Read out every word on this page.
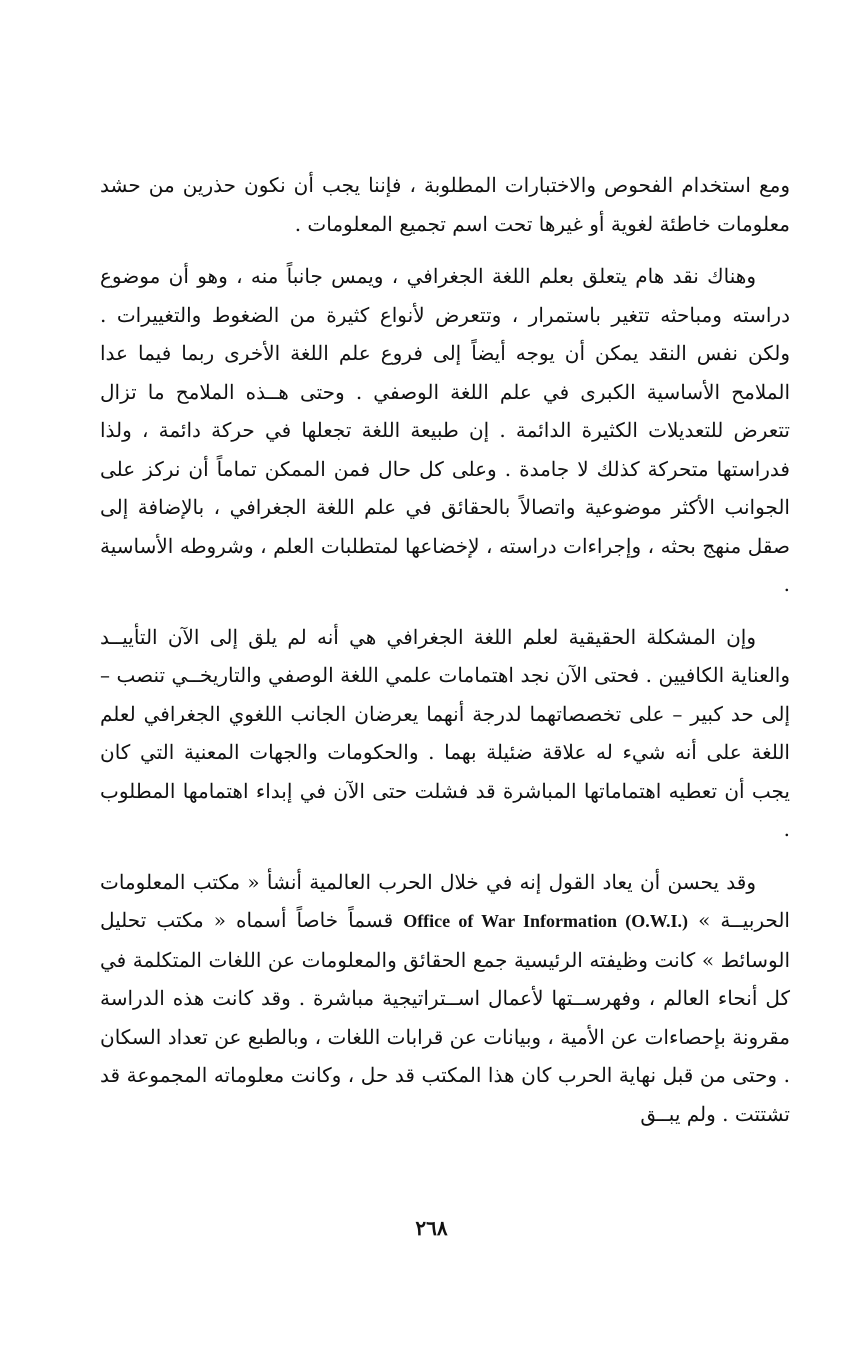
ومع استخدام الفحوص والاختبارات المطلوبة ، فإننا يجب أن نكون حذرين من حشد معلومات خاطئة لغوية أو غيرها تحت اسم تجميع المعلومات .

وهناك نقد هام يتعلق بعلم اللغة الجغرافي ، ويمس جانباً منه ، وهو أن موضوع دراسته ومباحثه تتغير باستمرار ، وتتعرض لأنواع كثيرة من الضغوط والتغييرات . ولكن نفس النقد يمكن أن يوجه أيضاً إلى فروع علم اللغة الأخرى ربما فيما عدا الملامح الأساسية الكبرى في علم اللغة الوصفي . وحتى هــذه الملامح ما تزال تتعرض للتعديلات الكثيرة الدائمة . إن طبيعة اللغة تجعلها في حركة دائمة ، ولذا فدراستها متحركة كذلك لا جامدة . وعلى كل حال فمن الممكن تماماً أن نركز على الجوانب الأكثر موضوعية واتصالاً بالحقائق في علم اللغة الجغرافي ، بالإضافة إلى صقل منهج بحثه ، وإجراءات دراسته ، لإخضاعها لمتطلبات العلم ، وشروطه الأساسية .

وإن المشكلة الحقيقية لعلم اللغة الجغرافي هي أنه لم يلق إلى الآن التأييــد والعناية الكافيين . فحتى الآن نجد اهتمامات علمي اللغة الوصفي والتاريخــي تنصب – إلى حد كبير – على تخصصاتهما لدرجة أنهما يعرضان الجانب اللغوي الجغرافي لعلم اللغة على أنه شيء له علاقة ضئيلة بهما . والحكومات والجهات المعنية التي كان يجب أن تعطيه اهتماماتها المباشرة قد فشلت حتى الآن في إبداء اهتمامها المطلوب .

وقد يحسن أن يعاد القول إنه في خلال الحرب العالمية أنشأ « مكتب المعلومات الحربيــة » Office of War Information (O.W.I.) قسماً خاصاً أسماه « مكتب تحليل الوسائط » كانت وظيفته الرئيسية جمع الحقائق والمعلومات عن اللغات المتكلمة في كل أنحاء العالم ، وفهرســتها لأعمال اســتراتيجية مباشرة . وقد كانت هذه الدراسة مقرونة بإحصاءات عن الأمية ، وبيانات عن قرابات اللغات ، وبالطبع عن تعداد السكان . وحتى من قبل نهاية الحرب كان هذا المكتب قد حل ، وكانت معلوماته المجموعة قد تشتتت . ولم يبــق

٢٦٨
